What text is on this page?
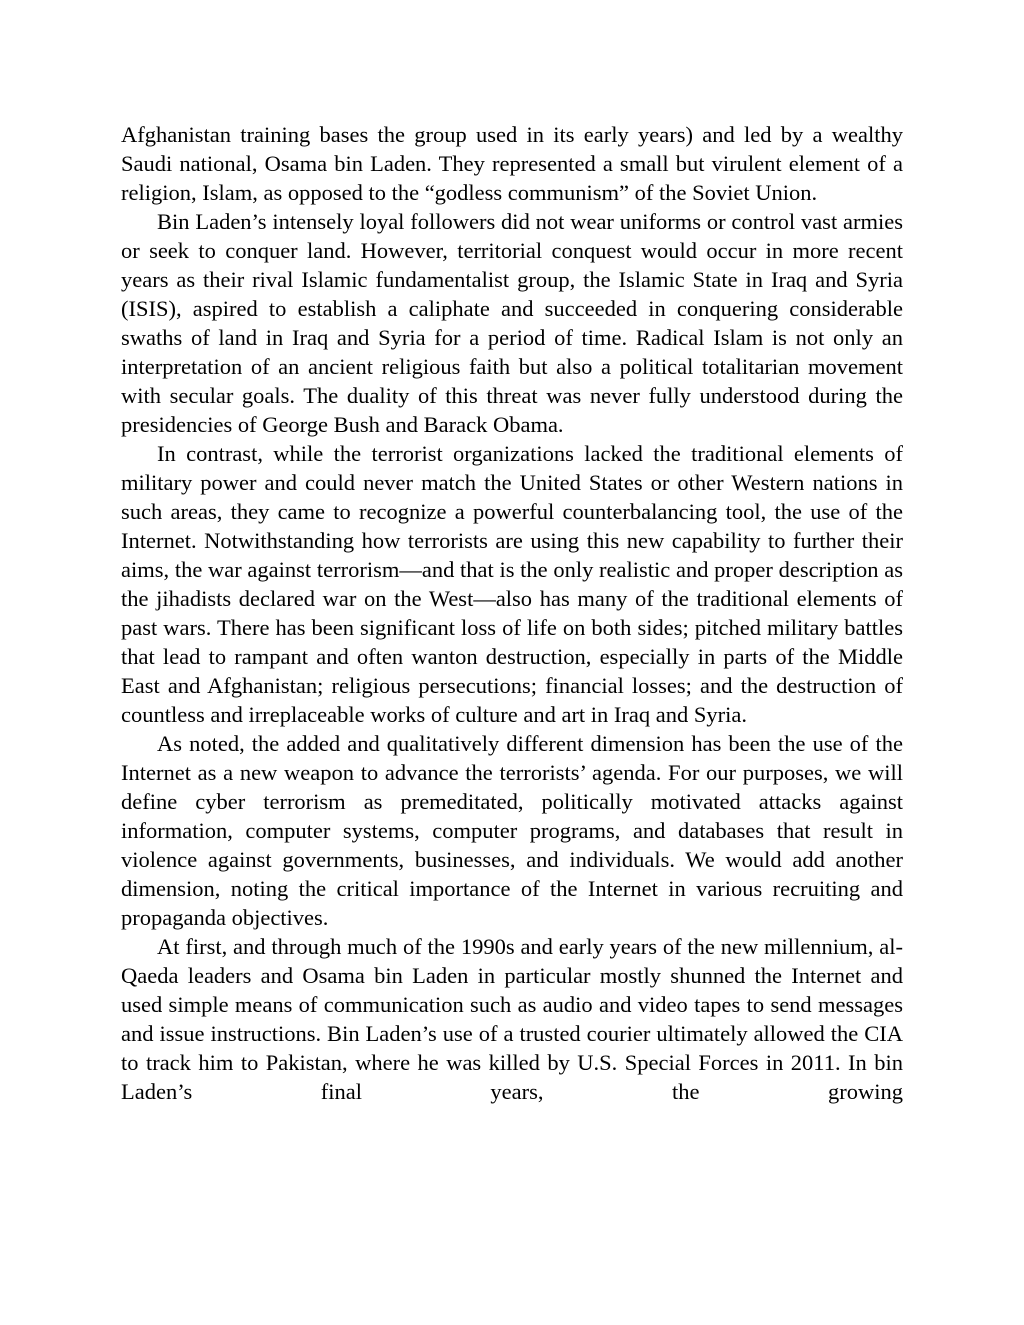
Afghanistan training bases the group used in its early years) and led by a wealthy Saudi national, Osama bin Laden. They represented a small but virulent element of a religion, Islam, as opposed to the “godless communism” of the Soviet Union.

Bin Laden’s intensely loyal followers did not wear uniforms or control vast armies or seek to conquer land. However, territorial conquest would occur in more recent years as their rival Islamic fundamentalist group, the Islamic State in Iraq and Syria (ISIS), aspired to establish a caliphate and succeeded in conquering considerable swaths of land in Iraq and Syria for a period of time. Radical Islam is not only an interpretation of an ancient religious faith but also a political totalitarian movement with secular goals. The duality of this threat was never fully understood during the presidencies of George Bush and Barack Obama.

In contrast, while the terrorist organizations lacked the traditional elements of military power and could never match the United States or other Western nations in such areas, they came to recognize a powerful counterbalancing tool, the use of the Internet. Notwithstanding how terrorists are using this new capability to further their aims, the war against terrorism—and that is the only realistic and proper description as the jihadists declared war on the West—also has many of the traditional elements of past wars. There has been significant loss of life on both sides; pitched military battles that lead to rampant and often wanton destruction, especially in parts of the Middle East and Afghanistan; religious persecutions; financial losses; and the destruction of countless and irreplaceable works of culture and art in Iraq and Syria.

As noted, the added and qualitatively different dimension has been the use of the Internet as a new weapon to advance the terrorists’ agenda. For our purposes, we will define cyber terrorism as premeditated, politically motivated attacks against information, computer systems, computer programs, and databases that result in violence against governments, businesses, and individuals. We would add another dimension, noting the critical importance of the Internet in various recruiting and propaganda objectives.

At first, and through much of the 1990s and early years of the new millennium, al-Qaeda leaders and Osama bin Laden in particular mostly shunned the Internet and used simple means of communication such as audio and video tapes to send messages and issue instructions. Bin Laden’s use of a trusted courier ultimately allowed the CIA to track him to Pakistan, where he was killed by U.S. Special Forces in 2011. In bin Laden’s final years, the growing
